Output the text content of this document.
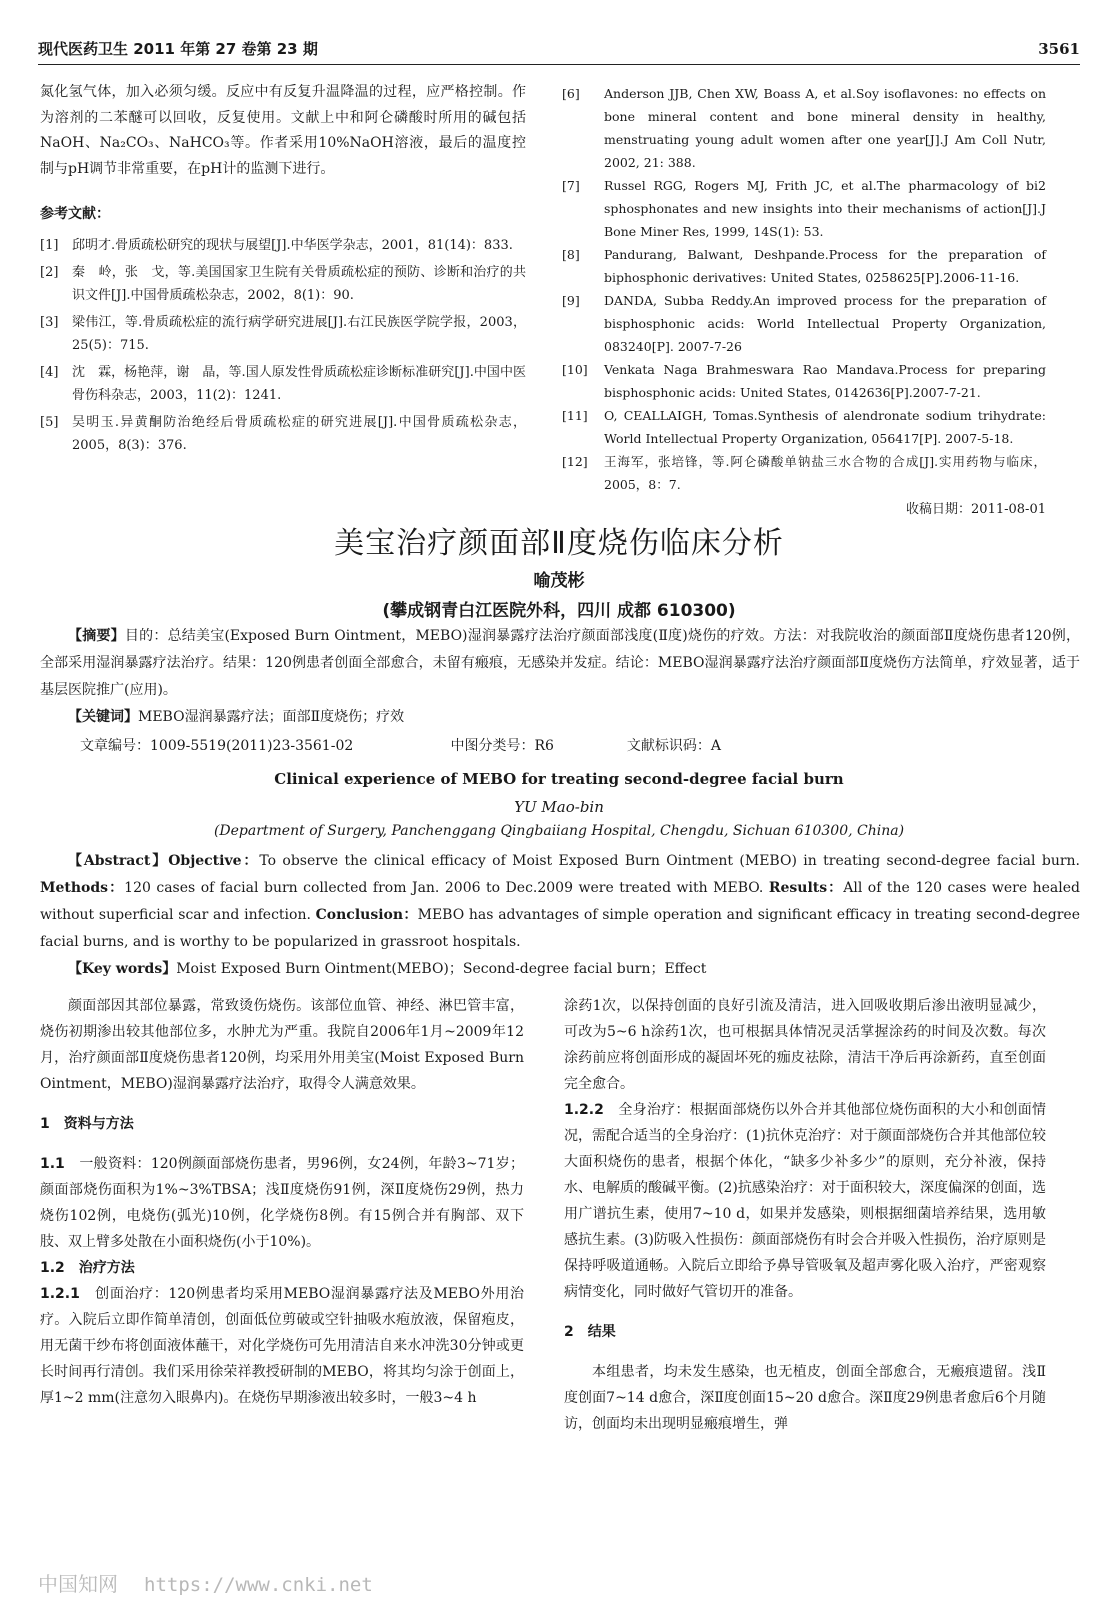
现代医药卫生 2011 年第 27 卷第 23 期	3561

氮化氢气体，加入必须匀缓。反应中有反复升温降温的过程，应严格控制。作为溶剂的二苯醚可以回收，反复使用。文献上中和阿仑磷酸时所用的碱包括NaOH、Na₂CO₃、NaHCO₃等。作者采用10%NaOH溶液，最后的温度控制与pH调节非常重要，在pH计的监测下进行。

参考文献：

[1]	邱明才.骨质疏松研究的现状与展望[J].中华医学杂志，2001，81(14)：833.
[2]	秦　岭，张　戈，等.美国国家卫生院有关骨质疏松症的预防、诊断和治疗的共识文件[J].中国骨质疏松杂志，2002，8(1)：90.
[3]	梁伟江，等.骨质疏松症的流行病学研究进展[J].右江民族医学院学报，2003，25(5)：715.
[4]	沈　霖，杨艳萍，谢　晶，等.国人原发性骨质疏松症诊断标准研究[J].中国中医骨伤科杂志，2003，11(2)：1241.
[5]	吴明玉.异黄酮防治绝经后骨质疏松症的研究进展[J].中国骨质疏松杂志，2005，8(3)：376.
[6]	Anderson JJB, Chen XW, Boass A, et al.Soy isoflavones: no effects on bone mineral content and bone mineral density in healthy, menstruating young adult women after one year[J].J Am Coll Nutr, 2002, 21: 388.
[7]	Russel RGG, Rogers MJ, Frith JC, et al.The pharmacology of bi2 sphosphonates and new insights into their mechanisms of action[J].J Bone Miner Res, 1999, 14S(1): 53.
[8]	Pandurang, Balwant, Deshpande.Process for the preparation of biphosphonic derivatives: United States, 0258625[P].2006-11-16.
[9]	DANDA, Subba Reddy.An improved process for the preparation of bisphosphonic acids: World Intellectual Property Organization, 083240[P]. 2007-7-26
[10]	Venkata Naga Brahmeswara Rao Mandava.Process for preparing bisphosphonic acids: United States, 0142636[P].2007-7-21.
[11]	O, CEALLAIGH, Tomas.Synthesis of alendronate sodium trihydrate: World Intellectual Property Organization, 056417[P]. 2007-5-18.
[12]	王海军，张培锋，等.阿仑磷酸单钠盐三水合物的合成[J].实用药物与临床，2005，8：7.
收稿日期：2011-08-01
美宝治疗颜面部Ⅱ度烧伤临床分析
喻茂彬
(攀成钢青白江医院外科，四川 成都 610300)

【摘要】目的：总结美宝(Exposed Burn Ointment，MEBO)湿润暴露疗法治疗颜面部浅度(Ⅱ度)烧伤的疗效。方法：对我院收治的颜面部Ⅱ度烧伤患者120例，全部采用湿润暴露疗法治疗。结果：120例患者创面全部愈合，未留有瘢痕，无感染并发症。结论：MEBO湿润暴露疗法治疗颜面部Ⅱ度烧伤方法简单，疗效显著，适于基层医院推广(应用)。

【关键词】MEBO湿润暴露疗法；面部Ⅱ度烧伤；疗效

文章编号：1009-5519(2011)23-3561-02	中图分类号：R6	文献标识码：A
Clinical experience of MEBO for treating second-degree facial burn
YU Mao-bin
(Department of Surgery, Panchenggang Qingbaiiang Hospital, Chengdu, Sichuan 610300, China)

【Abstract】Objective：To observe the clinical efficacy of Moist Exposed Burn Ointment (MEBO) in treating second-degree facial burn. Methods：120 cases of facial burn collected from Jan. 2006 to Dec.2009 were treated with MEBO. Results：All of the 120 cases were healed without superficial scar and infection. Conclusion：MEBO has advantages of simple operation and significant efficacy in treating second-degree facial burns, and is worthy to be popularized in grassroot hospitals.

【Key words】Moist Exposed Burn Ointment(MEBO)；Second-degree facial burn；Effect

颜面部因其部位暴露，常致烫伤烧伤。该部位血管、神经、淋巴管丰富，烧伤初期渗出较其他部位多，水肿尤为严重。我院自2006年1月~2009年12月，治疗颜面部Ⅱ度烧伤患者120例，均采用外用美宝(Moist Exposed Burn Ointment，MEBO)湿润暴露疗法治疗，取得令人满意效果。

1　资料与方法

1.1　一般资料：120例颜面部烧伤患者，男96例，女24例，年龄3~71岁；颜面部烧伤面积为1%~3%TBSA；浅Ⅱ度烧伤91例，深Ⅱ度烧伤29例，热力烧伤102例，电烧伤(弧光)10例，化学烧伤8例。有15例合并有胸部、双下肢、双上臂多处散在小面积烧伤(小于10%)。

1.2　治疗方法

1.2.1　创面治疗：120例患者均采用MEBO湿润暴露疗法及MEBO外用治疗。入院后立即作简单清创，创面低位剪破或空针抽吸水疱放液，保留疱皮，用无菌干纱布将创面液体蘸干，对化学烧伤可先用清洁自来水冲洗30分钟或更长时间再行清创。我们采用徐荣祥教授研制的MEBO，将其均匀涂于创面上，厚1~2 mm(注意勿入眼鼻内)。在烧伤早期渗液出较多时，一般3~4 h

涂药1次，以保持创面的良好引流及清洁，进入回吸收期后渗出液明显减少，可改为5~6 h涂药1次，也可根据具体情况灵活掌握涂药的时间及次数。每次涂药前应将创面形成的凝固坏死的痂皮祛除，清洁干净后再涂新药，直至创面完全愈合。

1.2.2　全身治疗：根据面部烧伤以外合并其他部位烧伤面积的大小和创面情况，需配合适当的全身治疗：(1)抗休克治疗：对于颜面部烧伤合并其他部位较大面积烧伤的患者，根据个体化，“缺多少补多少”的原则，充分补液，保持水、电解质的酸碱平衡。(2)抗感染治疗：对于面积较大，深度偏深的创面，选用广谱抗生素，使用7~10 d，如果并发感染，则根据细菌培养结果，选用敏感抗生素。(3)防吸入性损伤：颜面部烧伤有时会合并吸入性损伤，治疗原则是保持呼吸道通畅。入院后立即给予鼻导管吸氧及超声雾化吸入治疗，严密观察病情变化，同时做好气管切开的准备。

2　结果

本组患者，均未发生感染，也无植皮，创面全部愈合，无瘢痕遗留。浅Ⅱ度创面7~14 d愈合，深Ⅱ度创面15~20 d愈合。深Ⅱ度29例患者愈后6个月随访，创面均未出现明显瘢痕增生，弹

中国知网 https://www.cnki.net
